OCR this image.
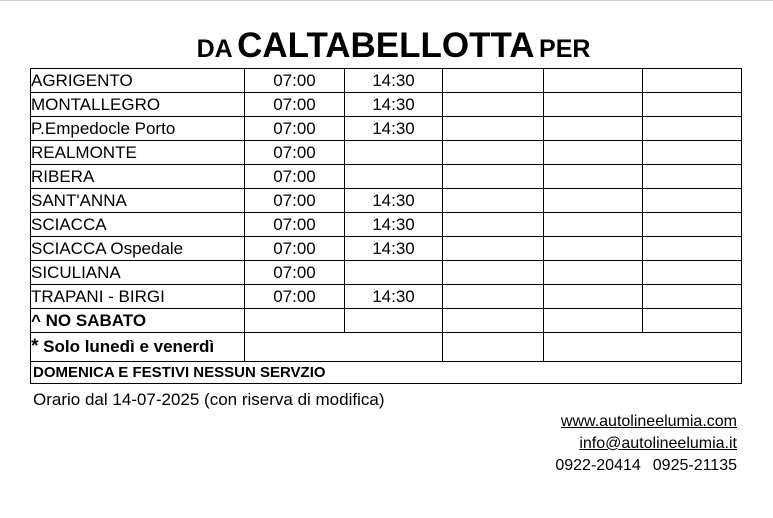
DA CALTABELLOTTA PER
AGRIGENTO	07:00	14:30			
MONTALLEGRO	07:00	14:30			
P.Empedocle Porto	07:00	14:30			
REALMONTE	07:00				
RIBERA	07:00				
SANT'ANNA	07:00	14:30			
SCIACCA	07:00	14:30			
SCIACCA Ospedale	07:00	14:30			
SICULIANA	07:00				
TRAPANI - BIRGI	07:00	14:30			
^ NO SABATO					
* Solo lunedì e venerdì					
DOMENICA E FESTIVI NESSUN SERVZIO					
Orario dal 14-07-2025 (con riserva di modifica)
www.autolineelumia.com
info@autolineelumia.it
0922-20414 0925-21135
